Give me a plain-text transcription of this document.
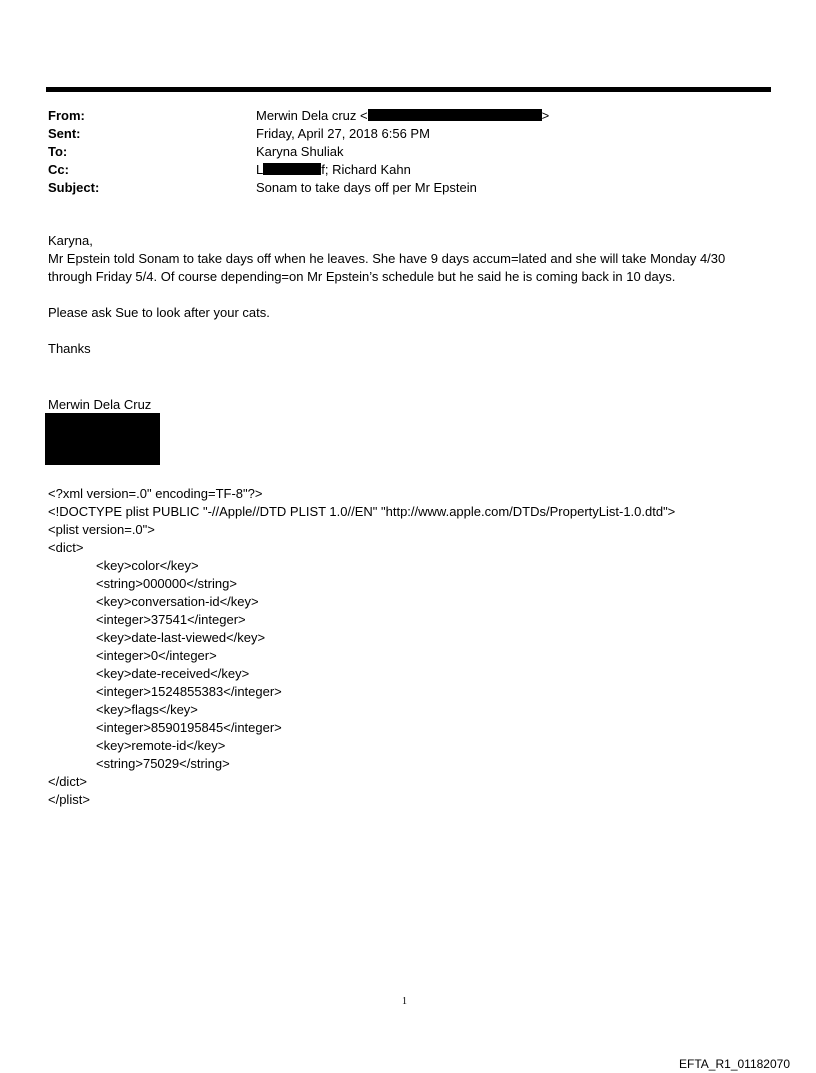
From:	Merwin Dela cruz <	>
Sent:	Friday, April 27, 2018 6:56 PM
To:	Karyna Shuliak
Cc:	L	f; Richard Kahn
Subject:	Sonam to take days off per Mr Epstein

Karyna,

Mr Epstein told Sonam to take days off when he leaves. She have 9 days accum=lated and she will take Monday 4/30 through Friday 5/4. Of course depending=on Mr Epstein’s schedule but he said he is coming back in 10 days.

Please ask Sue to look after your cats.

Thanks

Merwin Dela Cruz
<?xml version=.0" encoding=TF-8"?>
<!DOCTYPE plist PUBLIC "-//Apple//DTD PLIST 1.0//EN" "http://www.apple.com/DTDs/PropertyList-1.0.dtd">
<plist version=.0">
<dict>
<key>color</key>
<string>000000</string>
<key>conversation-id</key>
<integer>37541</integer>
<key>date-last-viewed</key>
<integer>0</integer>
<key>date-received</key>
<integer>1524855383</integer>
<key>flags</key>
<integer>8590195845</integer>
<key>remote-id</key>
<string>75029</string>
</dict>
</plist>
1
EFTA_R1_01182070
